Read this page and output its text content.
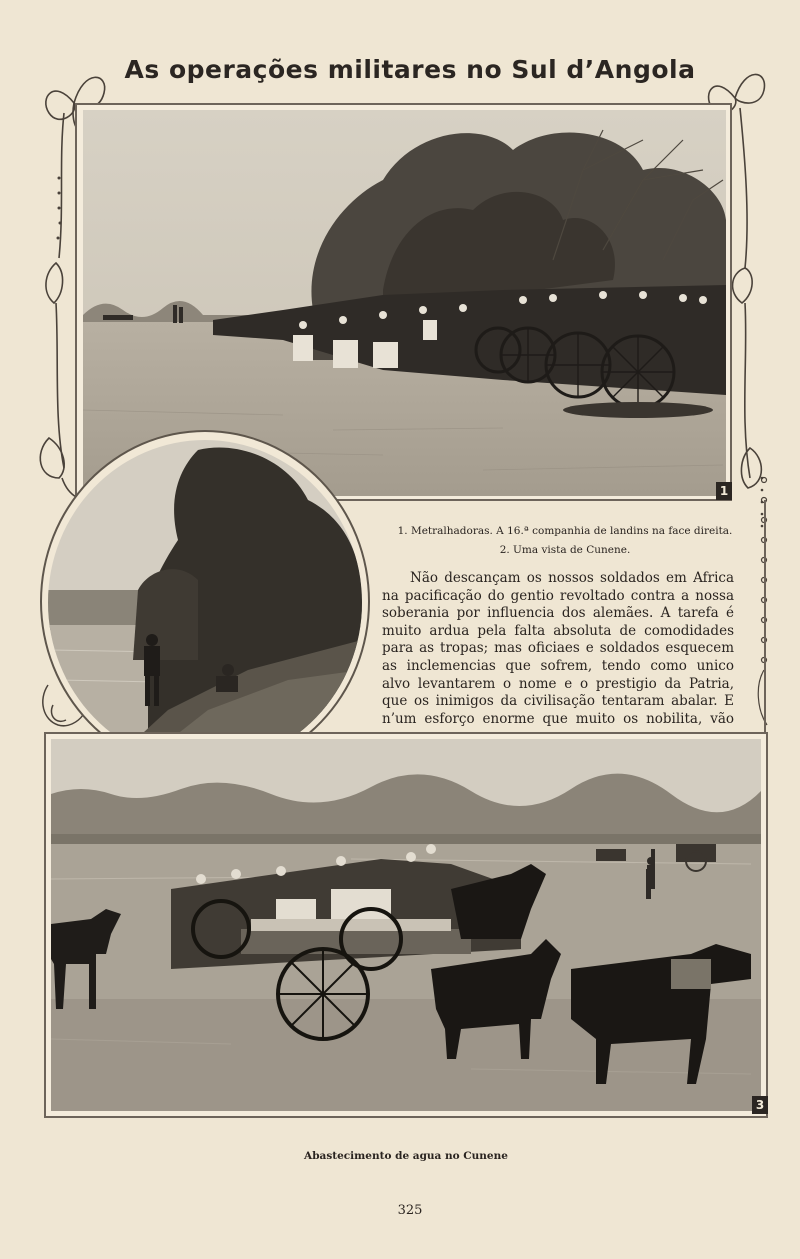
As operações militares no Sul d’Angola
1
1. Metralhadoras. A 16.ª companhia de landins na face direita.
2. Uma vista de Cunene.

Não descançam os nossos soldados em Africa na pacificação do gentio revoltado contra a nossa soberania por influencia dos alemães. A tarefa é muito ardua pela falta absoluta de comodidades para as tropas; mas oficiaes e soldados esquecem as inclemencias que sofrem, tendo como unico alvo levantarem o nome e o prestigio da Patria, que os inimigos da civilisação tentaram abalar. E n’um esforço enorme que muito os nobilita, vão

3
Abastecimento de agua no Cunene
325
